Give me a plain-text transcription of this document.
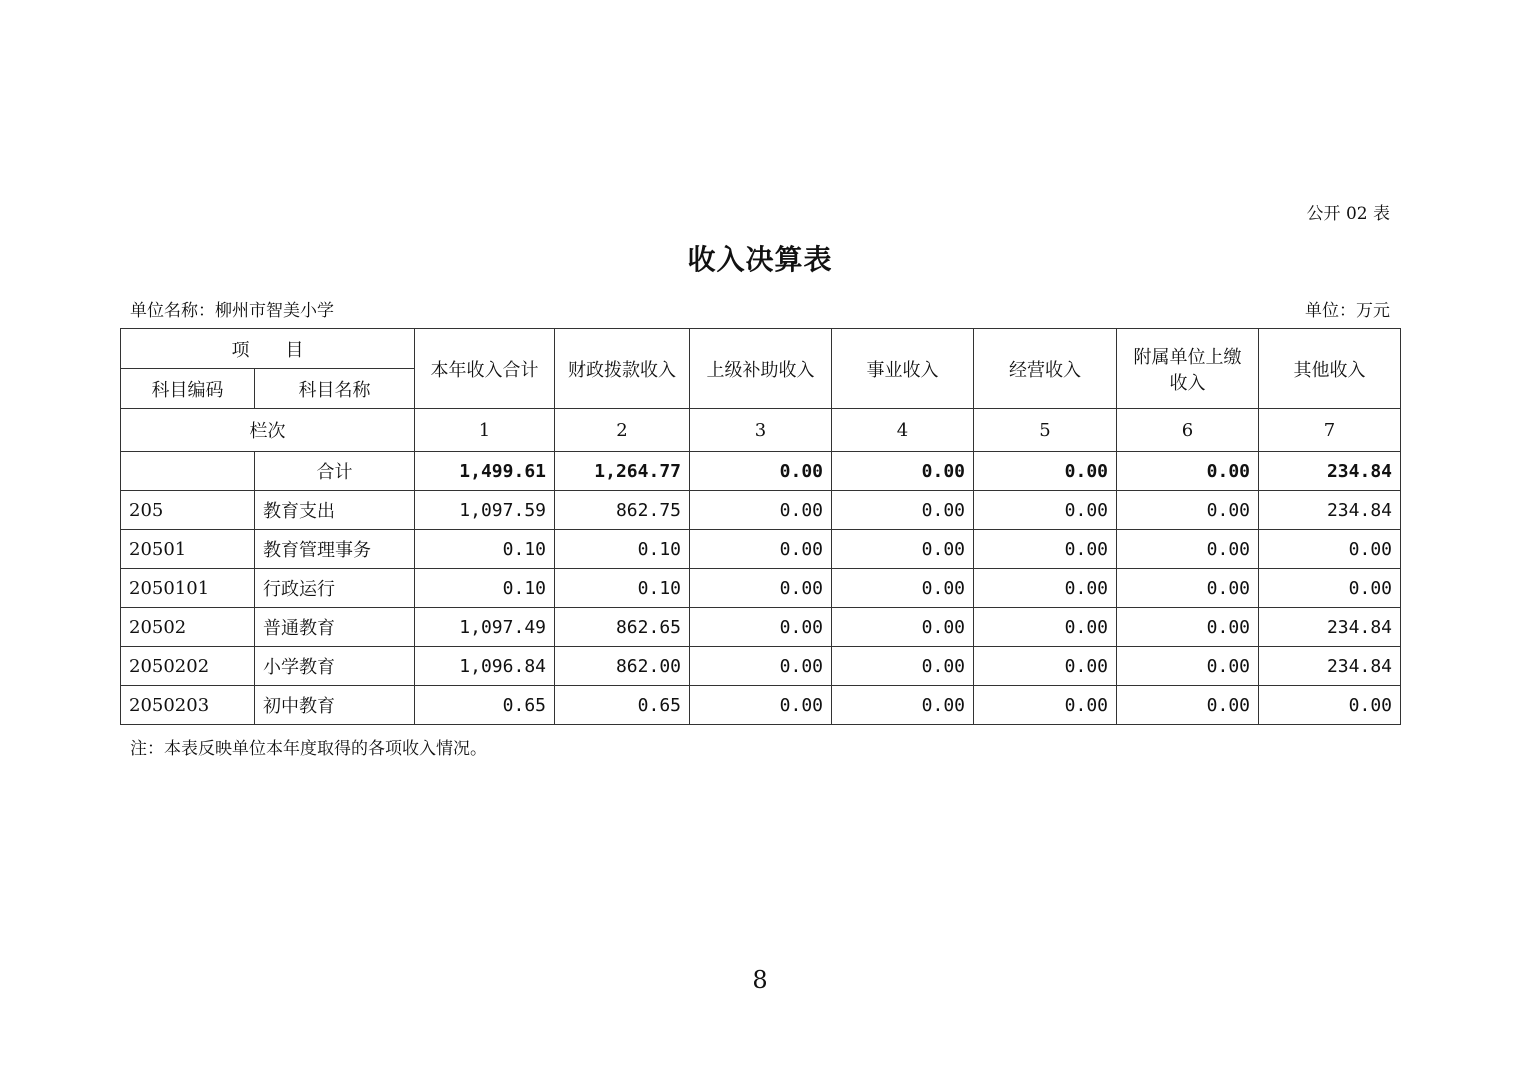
公开 02 表
收入决算表
单位名称：柳州市智美小学	单位：万元
项　　目		本年收入合计	财政拨款收入	上级补助收入	事业收入	经营收入	附属单位上缴收入	其他收入
科目编码	科目名称							
栏次		1	2	3	4	5	6	7
	合计	1,499.61	1,264.77	0.00	0.00	0.00	0.00	234.84
205	教育支出	1,097.59	862.75	0.00	0.00	0.00	0.00	234.84
20501	教育管理事务	0.10	0.10	0.00	0.00	0.00	0.00	0.00
2050101	行政运行	0.10	0.10	0.00	0.00	0.00	0.00	0.00
20502	普通教育	1,097.49	862.65	0.00	0.00	0.00	0.00	234.84
2050202	小学教育	1,096.84	862.00	0.00	0.00	0.00	0.00	234.84
2050203	初中教育	0.65	0.65	0.00	0.00	0.00	0.00	0.00
注：本表反映单位本年度取得的各项收入情况。
8
